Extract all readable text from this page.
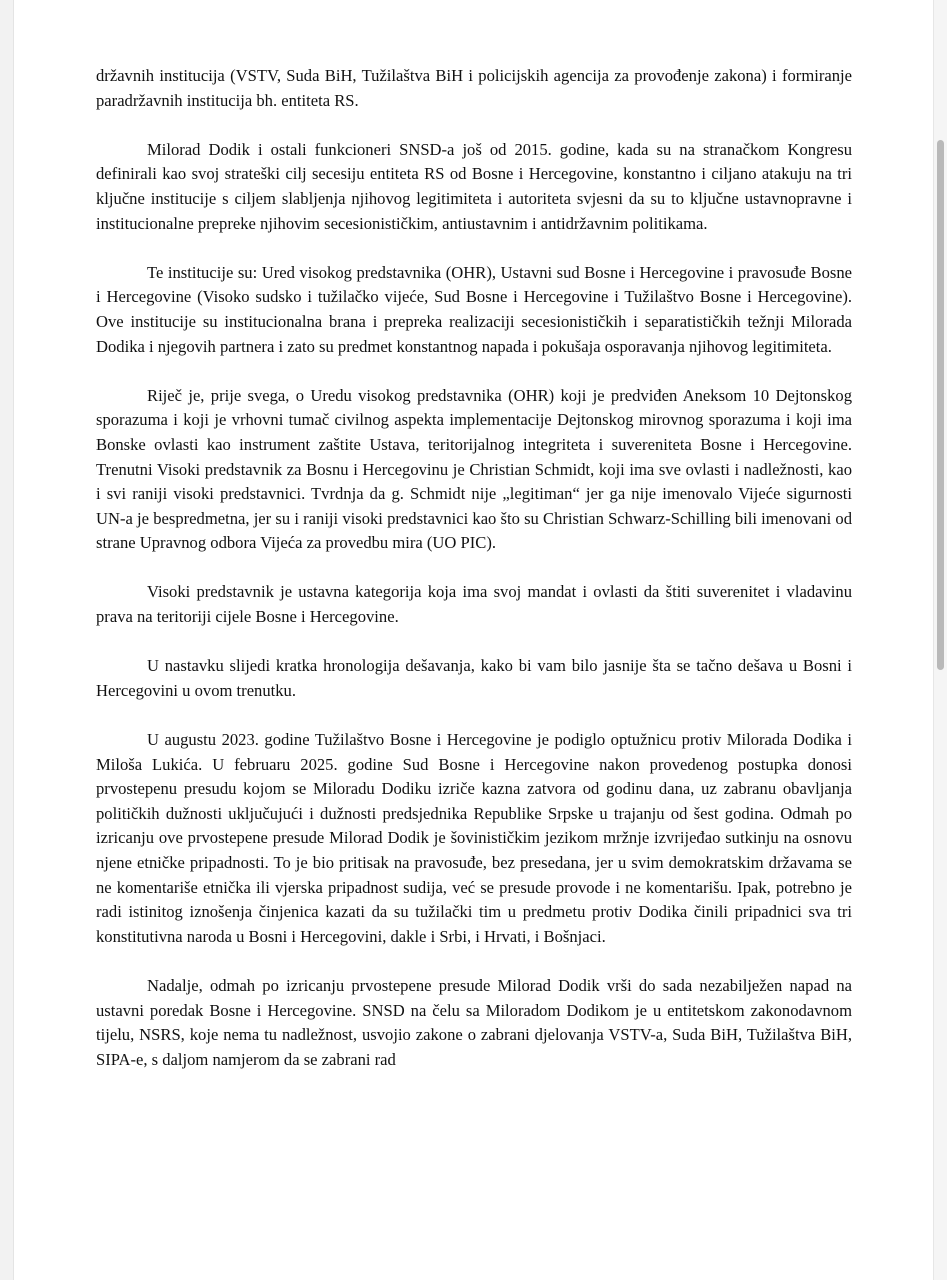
državnih institucija (VSTV, Suda BiH, Tužilaštva BiH i policijskih agencija za provođenje zakona) i formiranje paradržavnih institucija bh. entiteta RS.

Milorad Dodik i ostali funkcioneri SNSD-a još od 2015. godine, kada su na stranačkom Kongresu definirali kao svoj strateški cilj secesiju entiteta RS od Bosne i Hercegovine, konstantno i ciljano atakuju na tri ključne institucije s ciljem slabljenja njihovog legitimiteta i autoriteta svjesni da su to ključne ustavnopravne i institucionalne prepreke njihovim secesionističkim, antiustavnim i antidržavnim politikama.

Te institucije su: Ured visokog predstavnika (OHR), Ustavni sud Bosne i Hercegovine i pravosuđe Bosne i Hercegovine (Visoko sudsko i tužilačko vijeće, Sud Bosne i Hercegovine i Tužilaštvo Bosne i Hercegovine). Ove institucije su institucionalna brana i prepreka realizaciji secesionističkih i separatističkih težnji Milorada Dodika i njegovih partnera i zato su predmet konstantnog napada i pokušaja osporavanja njihovog legitimiteta.

Riječ je, prije svega, o Uredu visokog predstavnika (OHR) koji je predviđen Aneksom 10 Dejtonskog sporazuma i koji je vrhovni tumač civilnog aspekta implementacije Dejtonskog mirovnog sporazuma i koji ima Bonske ovlasti kao instrument zaštite Ustava, teritorijalnog integriteta i suvereniteta Bosne i Hercegovine. Trenutni Visoki predstavnik za Bosnu i Hercegovinu je Christian Schmidt, koji ima sve ovlasti i nadležnosti, kao i svi raniji visoki predstavnici. Tvrdnja da g. Schmidt nije „legitiman“ jer ga nije imenovalo Vijeće sigurnosti UN-a je bespredmetna, jer su i raniji visoki predstavnici kao što su Christian Schwarz-Schilling bili imenovani od strane Upravnog odbora Vijeća za provedbu mira (UO PIC).

Visoki predstavnik je ustavna kategorija koja ima svoj mandat i ovlasti da štiti suverenitet i vladavinu prava na teritoriji cijele Bosne i Hercegovine.

U nastavku slijedi kratka hronologija dešavanja, kako bi vam bilo jasnije šta se tačno dešava u Bosni i Hercegovini u ovom trenutku.

U augustu 2023. godine Tužilaštvo Bosne i Hercegovine je podiglo optužnicu protiv Milorada Dodika i Miloša Lukića. U februaru 2025. godine Sud Bosne i Hercegovine nakon provedenog postupka donosi prvostepenu presudu kojom se Miloradu Dodiku izriče kazna zatvora od godinu dana, uz zabranu obavljanja političkih dužnosti uključujući i dužnosti predsjednika Republike Srpske u trajanju od šest godina. Odmah po izricanju ove prvostepene presude Milorad Dodik je šovinističkim jezikom mržnje izvrijeđao sutkinju na osnovu njene etničke pripadnosti. To je bio pritisak na pravosuđe, bez presedana, jer u svim demokratskim državama se ne komentariše etnička ili vjerska pripadnost sudija, već se presude provode i ne komentarišu. Ipak, potrebno je radi istinitog iznošenja činjenica kazati da su tužilački tim u predmetu protiv Dodika činili pripadnici sva tri konstitutivna naroda u Bosni i Hercegovini, dakle i Srbi, i Hrvati, i Bošnjaci.

Nadalje, odmah po izricanju prvostepene presude Milorad Dodik vrši do sada nezabilježen napad na ustavni poredak Bosne i Hercegovine. SNSD na čelu sa Miloradom Dodikom je u entitetskom zakonodavnom tijelu, NSRS, koje nema tu nadležnost, usvojio zakone o zabrani djelovanja VSTV-a, Suda BiH, Tužilaštva BiH, SIPA-e, s daljom namjerom da se zabrani rad
